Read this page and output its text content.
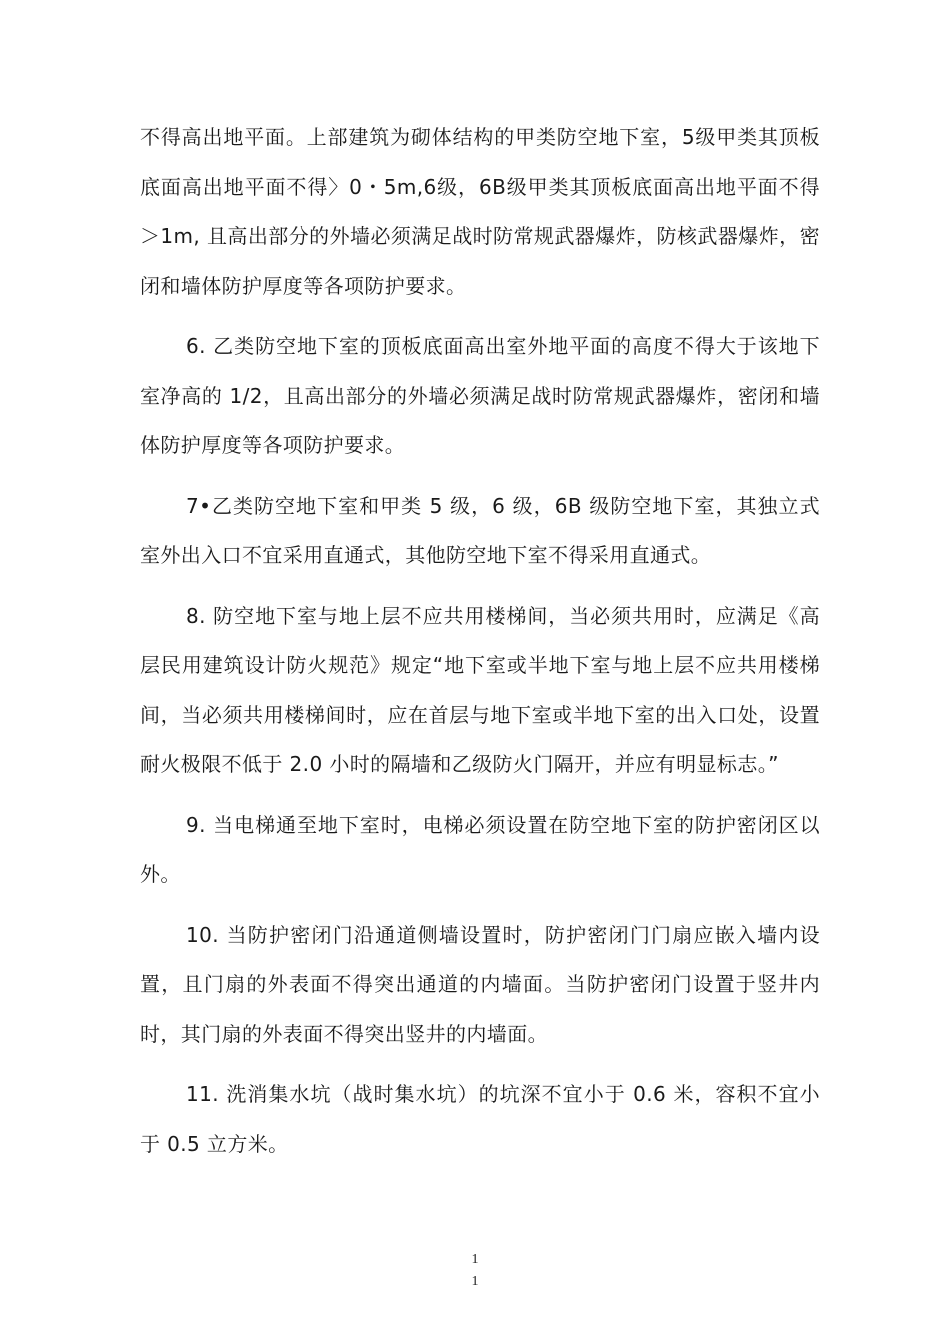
不得高出地平面。上部建筑为砌体结构的甲类防空地下室，5级甲类其顶板底面高出地平面不得〉0・5m,6级，6B级甲类其顶板底面高出地平面不得＞1m, 且高出部分的外墙必须满足战时防常规武器爆炸，防核武器爆炸，密闭和墙体防护厚度等各项防护要求。

6. 乙类防空地下室的顶板底面高出室外地平面的高度不得大于该地下室净高的 1/2，且高出部分的外墙必须满足战时防常规武器爆炸，密闭和墙体防护厚度等各项防护要求。

7•乙类防空地下室和甲类 5 级，6 级，6B 级防空地下室，其独立式室外出入口不宜采用直通式，其他防空地下室不得采用直通式。

8. 防空地下室与地上层不应共用楼梯间，当必须共用时，应满足《高层民用建筑设计防火规范》规定“地下室或半地下室与地上层不应共用楼梯间，当必须共用楼梯间时，应在首层与地下室或半地下室的出入口处，设置耐火极限不低于 2.0 小时的隔墙和乙级防火门隔开，并应有明显标志。”

9. 当电梯通至地下室时，电梯必须设置在防空地下室的防护密闭区以外。

10. 当防护密闭门沿通道侧墙设置时，防护密闭门门扇应嵌入墙内设置，且门扇的外表面不得突出通道的内墙面。当防护密闭门设置于竖井内时，其门扇的外表面不得突出竖井的内墙面。

11. 洗消集水坑（战时集水坑）的坑深不宜小于 0.6 米，容积不宜小于 0.5 立方米。

1
1
